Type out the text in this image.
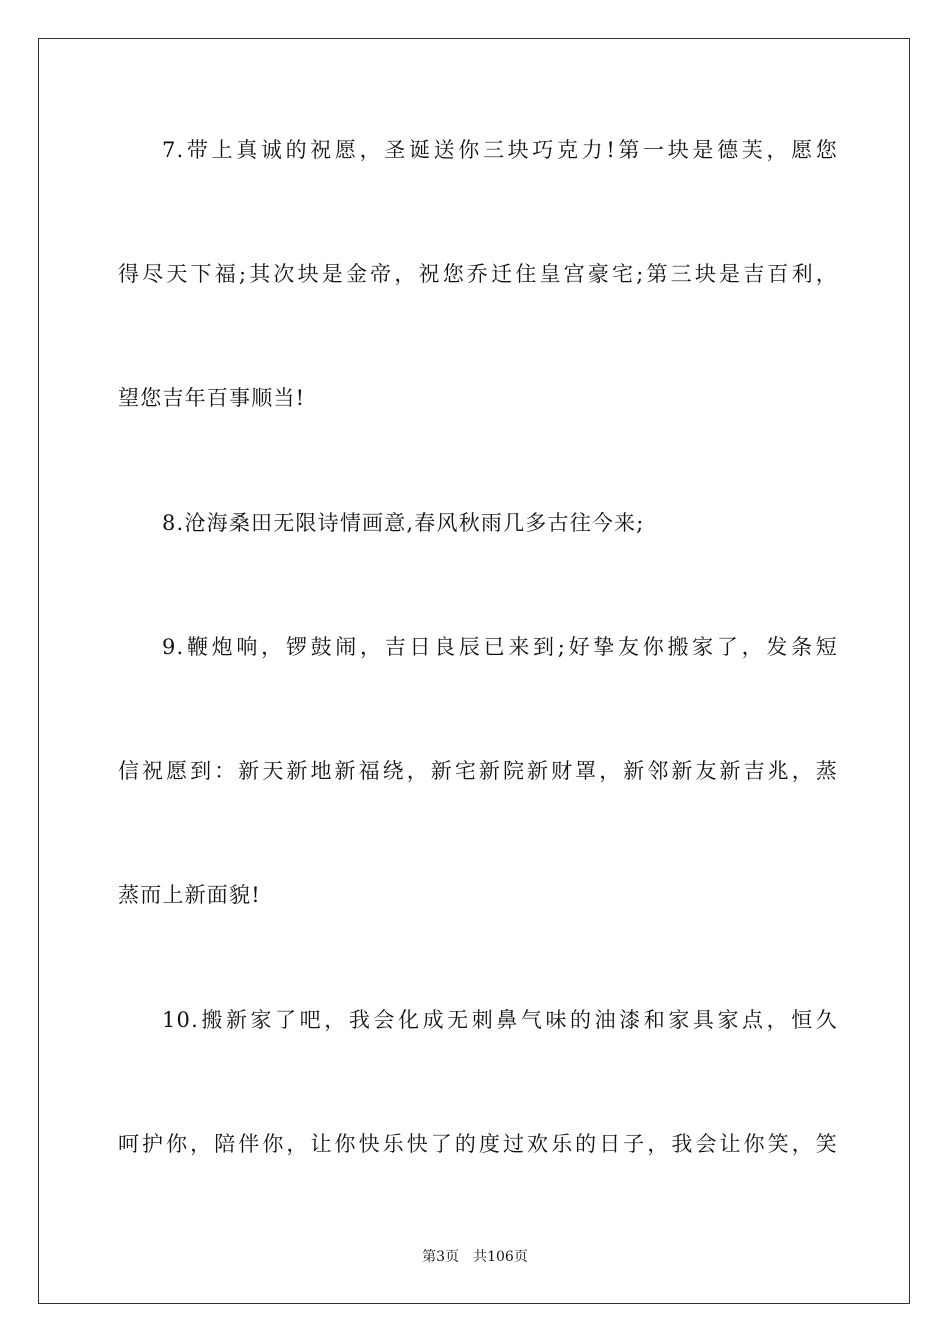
7.带上真诚的祝愿，圣诞送你三块巧克力!第一块是德芙，愿您
得尽天下福;其次块是金帝，祝您乔迁住皇宫豪宅;第三块是吉百利，
望您吉年百事顺当!
8.沧海桑田无限诗情画意,春风秋雨几多古往今来;
9.鞭炮响，锣鼓闹，吉日良辰已来到;好挚友你搬家了，发条短
信祝愿到：新天新地新福绕，新宅新院新财罩，新邻新友新吉兆，蒸
蒸而上新面貌!
10.搬新家了吧，我会化成无刺鼻气味的油漆和家具家点，恒久
呵护你，陪伴你，让你快乐快了的度过欢乐的日子，我会让你笑，笑
第3页 共106页
